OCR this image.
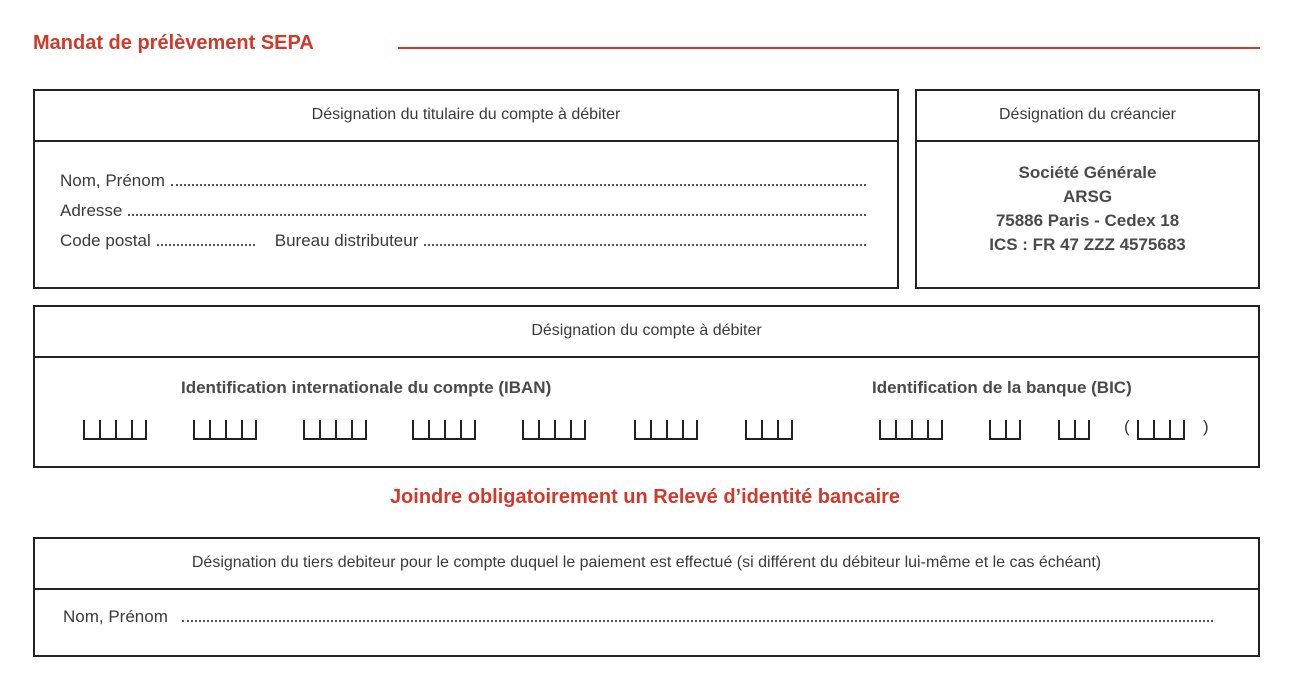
Mandat de prélèvement SEPA
Désignation du titulaire du compte à débiter
Nom, Prénom
Adresse
Code postal	Bureau distributeur
Désignation du créancier
Société Générale
ARSG
75886 Paris - Cedex 18
ICS : FR 47 ZZZ 4575683
Désignation du compte à débiter
Identification internationale du compte (IBAN)	Identification de la banque (BIC)
(	)
Joindre obligatoirement un Relevé d’identité bancaire
Désignation du tiers debiteur pour le compte duquel le paiement est effectué (si différent du débiteur lui-même et le cas échéant)
Nom, Prénom
